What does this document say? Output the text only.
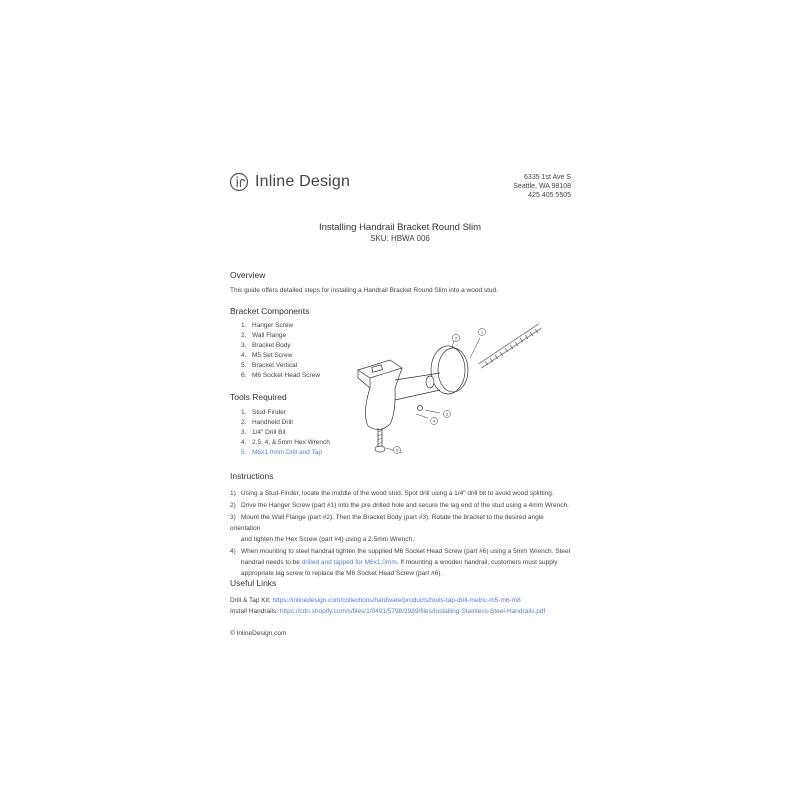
Inline Design	6335 1st Ave S
Seattle, WA 98108
425 405 5505
Installing Handrail Bracket Round Slim
SKU: HBWA 006
Overview
This guide offers detailed steps for installing a Handrail Bracket Round Slim into a wood stud.
Bracket Components
1. Hanger Screw
2. Wall Flange
3. Bracket Body
4. M5 Set Screw
5. Bracket Vertical
6. M6 Socket Head Screw
Tools Required
1. Stud-Finder
2. Handheld Drill
3. 1/4" Drill Bit
4. 2.5, 4, & 5mm Hex Wrench
5. M6x1.0mm Drill and Tap
1
2
3
4
6
Instructions
1) Using a Stud-Finder, locate the middle of the wood stud. Spot drill using a 1/4" drill bit to avoid wood splitting.
2) Drive the Hanger Screw (part #1) into the pre drilled hole and secure the lag end of the stud using a 4mm Wrench.
3) Mount the Wall Flange (part #2). Then the Bracket Body (part #3). Rotate the bracket to the desired angle orientation
and tighten the Hex Screw (part #4) using a 2.5mm Wrench.
4) When mounting to steel handrail tighten the supplied M6 Socket Head Screw (part #6) using a 5mm Wrench. Steel
handrail needs to be drilled and tapped for M6x1.0mm. If mounting a wooden handrail, customers must supply
appropriate lag screw to replace the M6 Socket Head Screw (part #6).
Useful Links
Drill & Tap Kit: https://inlinedesign.com/collections/hardware/products/tools-tap-drill-metric-m5-m6-m8
Install Handrails: https://cdn.shopify.com/s/files/1/0491/5798/2989/files/Installing-Stainless-Steel-Handrails.pdf
© InlineDesign.com
